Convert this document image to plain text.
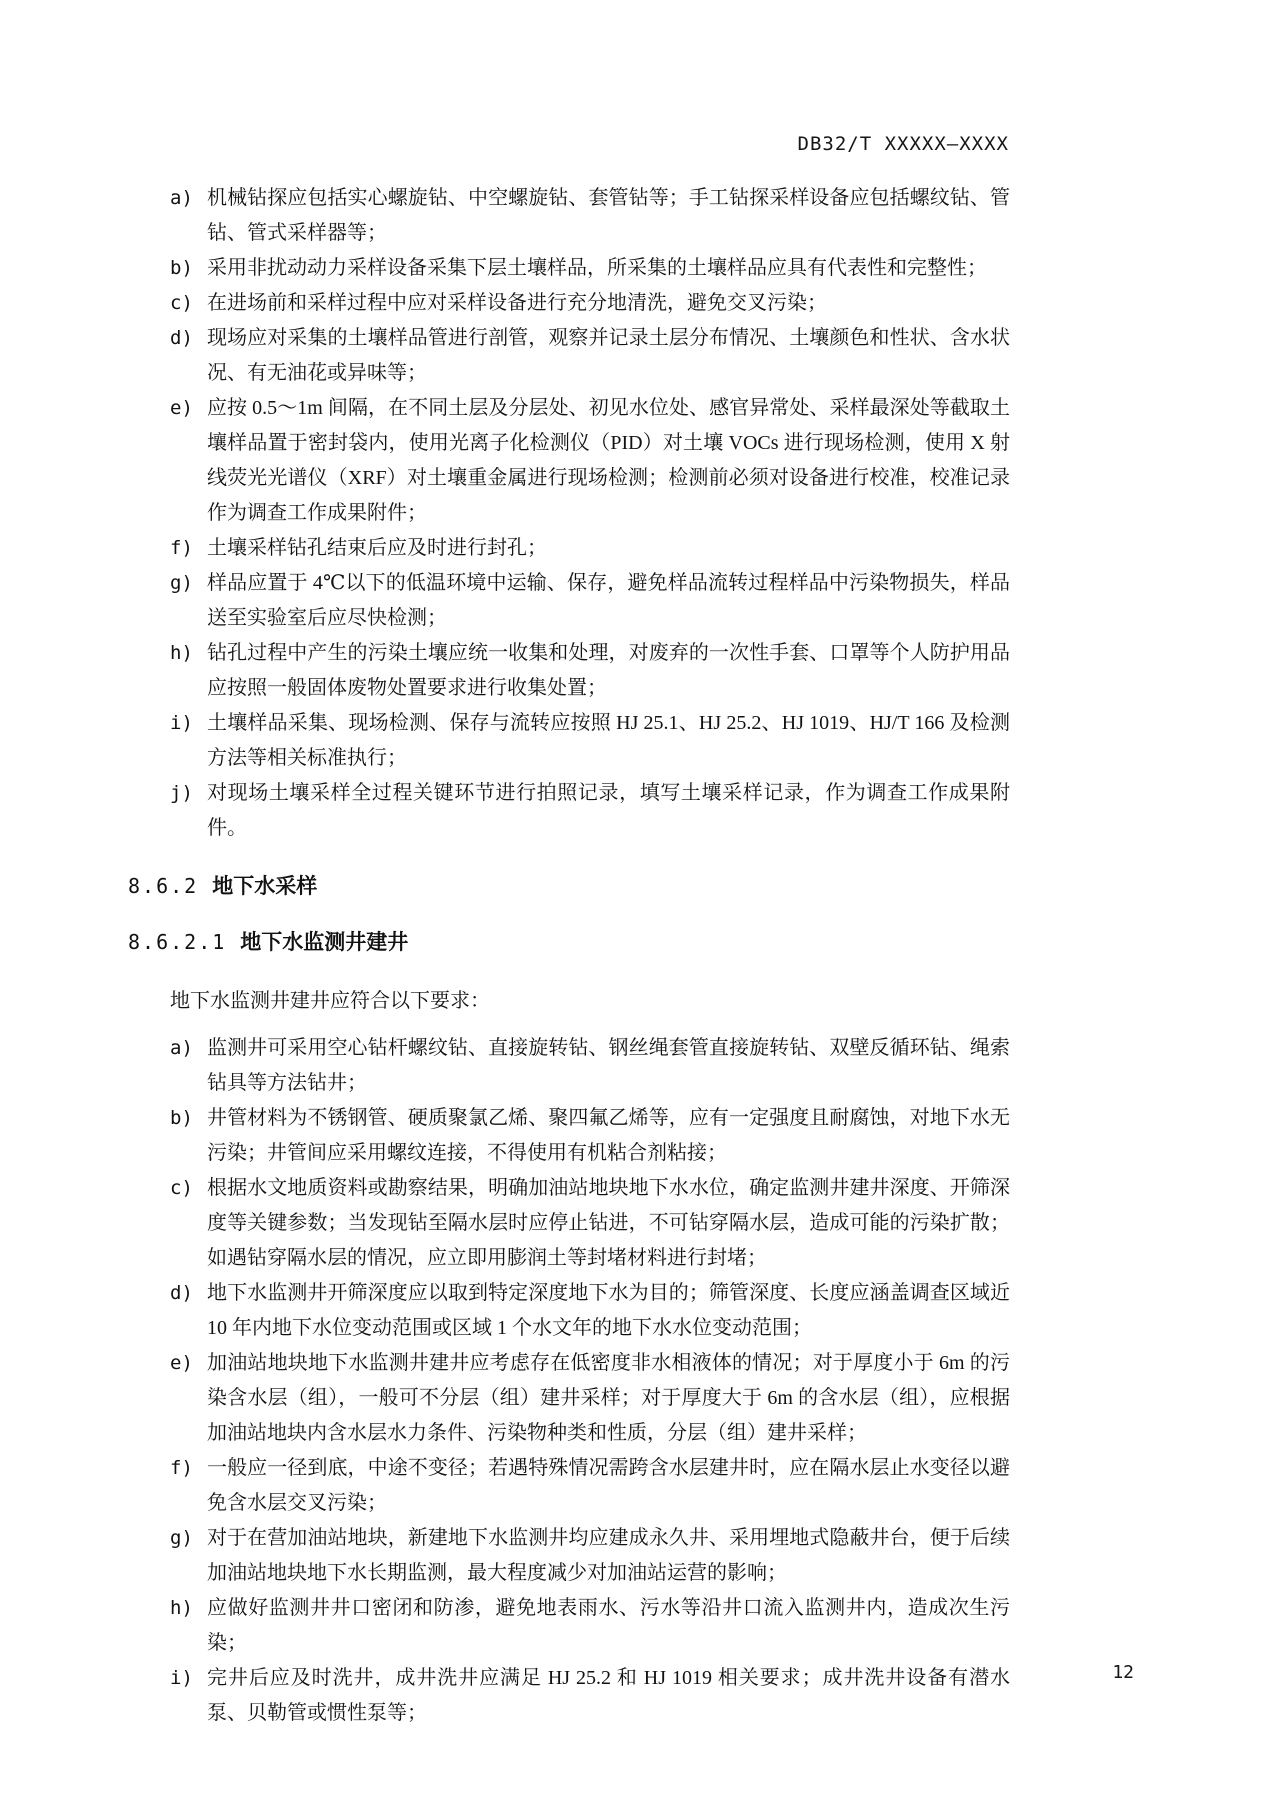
DB32/T XXXXX—XXXX
a) 机械钻探应包括实心螺旋钻、中空螺旋钻、套管钻等；手工钻探采样设备应包括螺纹钻、管钻、管式采样器等；
b) 采用非扰动动力采样设备采集下层土壤样品，所采集的土壤样品应具有代表性和完整性；
c) 在进场前和采样过程中应对采样设备进行充分地清洗，避免交叉污染；
d) 现场应对采集的土壤样品管进行剖管，观察并记录土层分布情况、土壤颜色和性状、含水状况、有无油花或异味等；
e) 应按 0.5～1m 间隔，在不同土层及分层处、初见水位处、感官异常处、采样最深处等截取土壤样品置于密封袋内，使用光离子化检测仪（PID）对土壤 VOCs 进行现场检测，使用 X 射线荧光光谱仪（XRF）对土壤重金属进行现场检测；检测前必须对设备进行校准，校准记录作为调查工作成果附件；
f) 土壤采样钻孔结束后应及时进行封孔；
g) 样品应置于 4℃以下的低温环境中运输、保存，避免样品流转过程样品中污染物损失，样品送至实验室后应尽快检测；
h) 钻孔过程中产生的污染土壤应统一收集和处理，对废弃的一次性手套、口罩等个人防护用品应按照一般固体废物处置要求进行收集处置；
i) 土壤样品采集、现场检测、保存与流转应按照 HJ 25.1、HJ 25.2、HJ 1019、HJ/T 166 及检测方法等相关标准执行；
j) 对现场土壤采样全过程关键环节进行拍照记录，填写土壤采样记录，作为调查工作成果附件。
8.6.2 地下水采样
8.6.2.1 地下水监测井建井

地下水监测井建井应符合以下要求：

a) 监测井可采用空心钻杆螺纹钻、直接旋转钻、钢丝绳套管直接旋转钻、双壁反循环钻、绳索钻具等方法钻井；
b) 井管材料为不锈钢管、硬质聚氯乙烯、聚四氟乙烯等，应有一定强度且耐腐蚀，对地下水无污染；井管间应采用螺纹连接，不得使用有机粘合剂粘接；
c) 根据水文地质资料或勘察结果，明确加油站地块地下水水位，确定监测井建井深度、开筛深度等关键参数；当发现钻至隔水层时应停止钻进，不可钻穿隔水层，造成可能的污染扩散；如遇钻穿隔水层的情况，应立即用膨润土等封堵材料进行封堵；
d) 地下水监测井开筛深度应以取到特定深度地下水为目的；筛管深度、长度应涵盖调查区域近 10 年内地下水位变动范围或区域 1 个水文年的地下水水位变动范围；
e) 加油站地块地下水监测井建井应考虑存在低密度非水相液体的情况；对于厚度小于 6m 的污染含水层（组），一般可不分层（组）建井采样；对于厚度大于 6m 的含水层（组），应根据加油站地块内含水层水力条件、污染物种类和性质，分层（组）建井采样；
f) 一般应一径到底，中途不变径；若遇特殊情况需跨含水层建井时，应在隔水层止水变径以避免含水层交叉污染；
g) 对于在营加油站地块，新建地下水监测井均应建成永久井、采用埋地式隐蔽井台，便于后续加油站地块地下水长期监测，最大程度减少对加油站运营的影响；
h) 应做好监测井井口密闭和防渗，避免地表雨水、污水等沿井口流入监测井内，造成次生污染；
i) 完井后应及时洗井，成井洗井应满足 HJ 25.2 和 HJ 1019 相关要求；成井洗井设备有潜水泵、贝勒管或惯性泵等；
12
